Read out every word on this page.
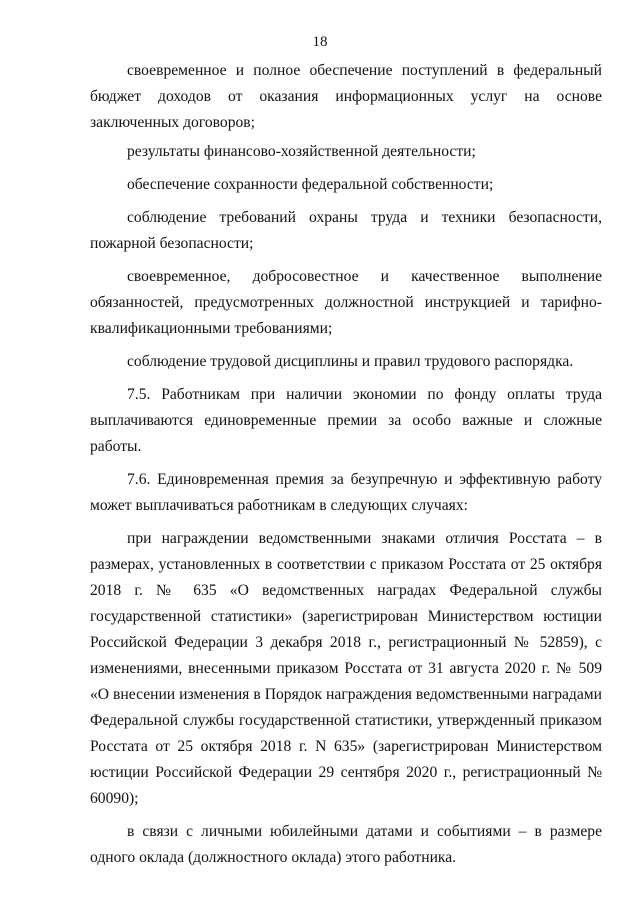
18

своевременное и полное обеспечение поступлений в федеральный бюджет доходов от оказания информационных услуг на основе заключенных договоров;

результаты финансово-хозяйственной деятельности;

обеспечение сохранности федеральной собственности;

соблюдение требований охраны труда и техники безопасности, пожарной безопасности;

своевременное, добросовестное и качественное выполнение обязанностей, предусмотренных должностной инструкцией и тарифно-квалификационными требованиями;

соблюдение трудовой дисциплины и правил трудового распорядка.

7.5. Работникам при наличии экономии по фонду оплаты труда выплачиваются единовременные премии за особо важные и сложные работы.

7.6. Единовременная премия за безупречную и эффективную работу может выплачиваться работникам в следующих случаях:

при награждении ведомственными знаками отличия Росстата – в размерах, установленных в соответствии с приказом Росстата от 25 октября 2018 г. № 635 «О ведомственных наградах Федеральной службы государственной статистики» (зарегистрирован Министерством юстиции Российской Федерации 3 декабря 2018 г., регистрационный № 52859), с изменениями, внесенными приказом Росстата от 31 августа 2020 г. № 509 «О внесении изменения в Порядок награждения ведомственными наградами Федеральной службы государственной статистики, утвержденный приказом Росстата от 25 октября 2018 г. N 635» (зарегистрирован Министерством юстиции Российской Федерации 29 сентября 2020 г., регистрационный № 60090);

в связи с личными юбилейными датами и событиями – в размере одного оклада (должностного оклада) этого работника.
